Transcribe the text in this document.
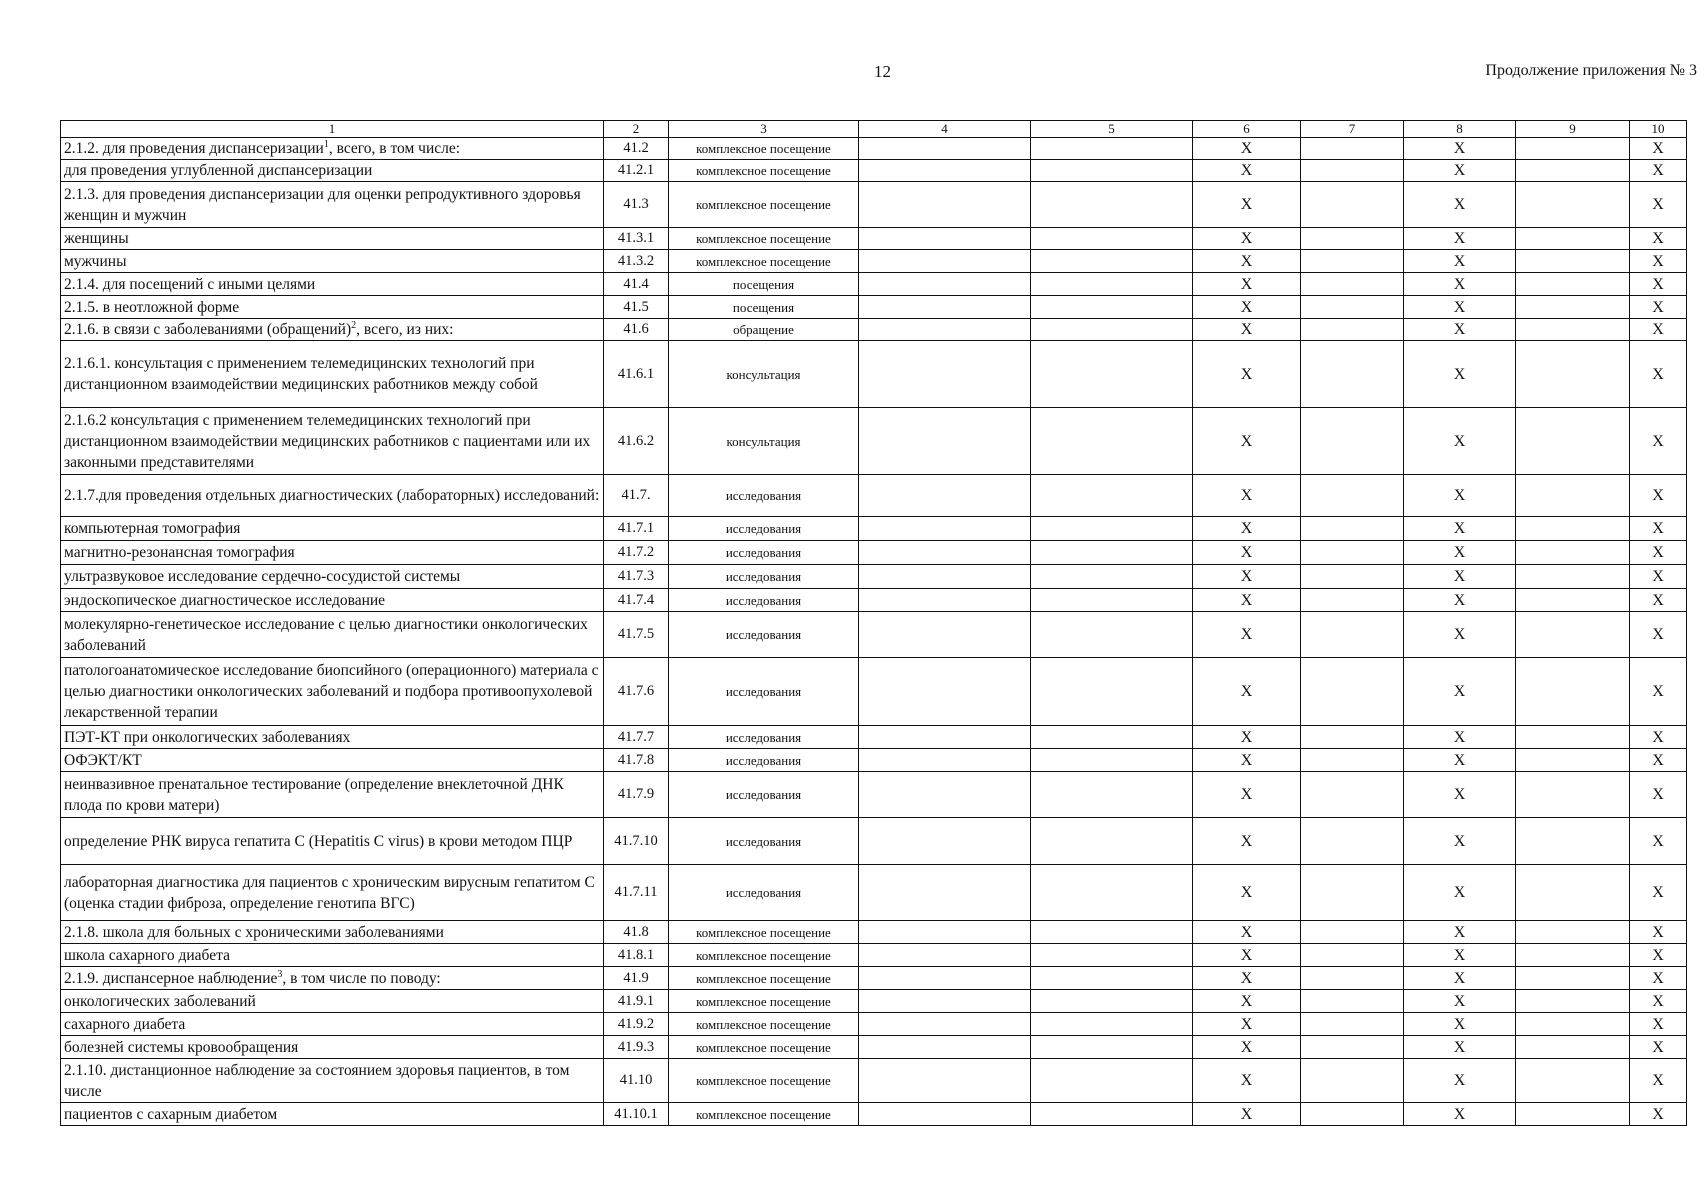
12	Продолжение приложения № 3
1	2	3	4	5	6	7	8	9	10
2.1.2. для проведения диспансеризации$^1$, всего, в том числе:	41.2	комплексное посещение			X		X		X
для проведения углубленной диспансеризации	41.2.1	комплексное посещение			X		X		X
2.1.3. для проведения диспансеризации для оценки репродуктивного здоровья женщин и мужчин	41.3	комплексное посещение			X		X		X
женщины	41.3.1	комплексное посещение			X		X		X
мужчины	41.3.2	комплексное посещение			X		X		X
2.1.4. для посещений с иными целями	41.4	посещения			X		X		X
2.1.5. в неотложной форме	41.5	посещения			X		X		X
2.1.6. в связи с заболеваниями (обращений)$^2$, всего, из них:	41.6	обращение			X		X		X
2.1.6.1. консультация с применением телемедицинских технологий при дистанционном взаимодействии медицинских работников между собой	41.6.1	консультация			X		X		X
2.1.6.2 консультация с применением телемедицинских технологий при дистанционном взаимодействии медицинских работников с пациентами или их законными представителями	41.6.2	консультация			X		X		X
2.1.7.для проведения отдельных диагностических (лабораторных) исследований:	41.7.	исследования			X		X		X
компьютерная томография	41.7.1	исследования			X		X		X
магнитно-резонансная томография	41.7.2	исследования			X		X		X
ультразвуковое исследование сердечно-сосудистой системы	41.7.3	исследования			X		X		X
эндоскопическое диагностическое исследование	41.7.4	исследования			X		X		X
молекулярно-генетическое исследование с целью диагностики онкологических заболеваний	41.7.5	исследования			X		X		X
патологоанатомическое исследование биопсийного (операционного) материала с целью диагностики онкологических заболеваний и подбора противоопухолевой лекарственной терапии	41.7.6	исследования			X		X		X
ПЭТ-КТ при онкологических заболеваниях	41.7.7	исследования			X		X		X
ОФЭКТ/КТ	41.7.8	исследования			X		X		X
неинвазивное пренатальное тестирование (определение внеклеточной ДНК плода по крови матери)	41.7.9	исследования			X		X		X
определение РНК вируса гепатита С (Hepatitis C virus) в крови методом ПЦР	41.7.10	исследования			X		X		X
лабораторная диагностика для пациентов с хроническим вирусным гепатитом С (оценка стадии фиброза, определение генотипа ВГС)	41.7.11	исследования			X		X		X
2.1.8. школа для больных с хроническими заболеваниями	41.8	комплексное посещение			X		X		X
школа сахарного диабета	41.8.1	комплексное посещение			X		X		X
2.1.9. диспансерное наблюдение$^3$, в том числе по поводу:	41.9	комплексное посещение			X		X		X
онкологических заболеваний	41.9.1	комплексное посещение			X		X		X
сахарного диабета	41.9.2	комплексное посещение			X		X		X
болезней системы кровообращения	41.9.3	комплексное посещение			X		X		X
2.1.10. дистанционное наблюдение за состоянием здоровья пациентов, в том числе	41.10	комплексное посещение			X		X		X
пациентов с сахарным диабетом	41.10.1	комплексное посещение			X		X		X
